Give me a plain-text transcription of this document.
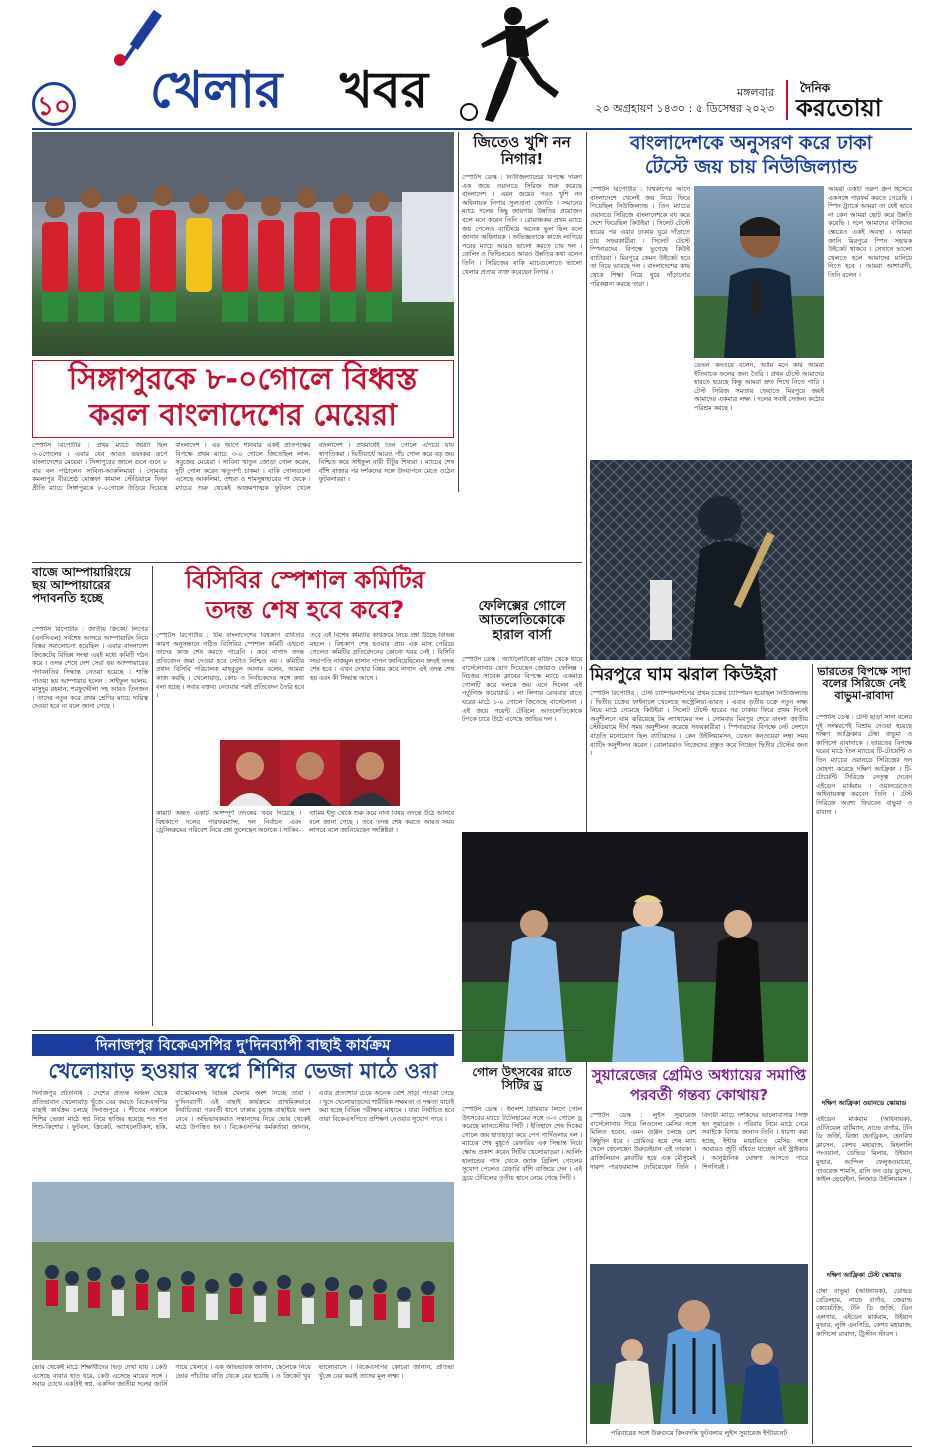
১০ খেলার খবর	মঙ্গলবার
২০ অগ্রহায়ণ ১৪৩০ : ৫ ডিসেম্বর ২০২৩
দৈনিক
করতোয়া
জিতেও খুশি নন নিগার!
স্পোর্টস ডেস্ক : নিউজিল্যান্ডের বিপক্ষে দারুণ এক জয়ে ওয়ানডে সিরিজ শুরু করেছে বাংলাদেশ । এমন জয়ের পরও খুশি নন অধিনায়ক নিগার সুলতানা জ্যোতি । সমানের ম্যাচে দলের কিছু জায়গায় উন্নতির প্রয়োজন বলে মনে করেন তিনি । রোমাঞ্চকর প্রথম ম্যাচে জয় পেলেও ব্যাটিংয়ে অনেক ভুল ছিল বলে জানান অধিনায়ক । অভিজ্ঞতাকে কাজে লাগিয়ে পরের ম্যাচে আরও ভালো করতে চায় দল । বোলিং ও ফিল্ডিংয়েও আরও উন্নতির কথা বলেন তিনি । সিরিজের বাকি ম্যাচগুলোতে ভালো খেলার প্রত্যয় ব্যক্ত করেছেন নিগার ।
বাংলাদেশকে অনুসরণ করে ঢাকা
টেস্টে জয় চায় নিউজিল্যান্ড
স্পোর্টস রিপোর্টার : বিশ্বকাপের আগে বাংলাদেশে খেলেই জয় নিয়ে ফিরে গিয়েছিল নিউজিল্যান্ড । তিন ম্যাচের ওয়ানডে সিরিজে বাংলাদেশকে বধ করে দেশে ফিরেছিল কিউইরা । সিলেট টেস্টে হারের পর এবার ঢাকায় ঘুরে দাঁড়াতে চায় সফরকারীরা । সিলেট টেস্টে স্পিনারদের বিপক্ষে ভুগেছে কিউই ব্যাটাররা । মিরপুরে কেমন উইকেট হবে তা নিয়ে ভাবছে দল । বাংলাদেশের কাছ থেকে শিক্ষা নিয়ে ঘুরে দাঁড়ানোর পরিকল্পনা করছে তারা ।
আমরা একটি তরুণ গ্রুপ হিসেবে একসঙ্গে পারফর্ম করতে পেরেছি । স্পিন ট্র্যাকে আমরা তা যেই ভাবে না কেন আমরা ছোট করে উন্নতি করেছি । দলে আমাদের বাকিদের ক্ষেত্রেও একই অবস্থা । আমরা জানি মিরপুরে স্পিন সহায়ক উইকেট থাকবে । সেখানে ভালো খেলতে হলে আমাদের মানিয়ে নিতে হবে । আমরা আশাবাদী, তিনি বলেন ।
ডেভন কনওয়ে বলেন, আমি মনে করি আমরা ইতিবাচক ফলের জন্য তৈরি । প্রথম টেস্টে আমাদের হারতে হয়েছে কিন্তু আমরা দ্রুত শিখে নিতে পারি । টেস্ট সিরিজ সমতায় ফেরাতে মিরপুরে জয়ই আমাদের একমাত্র লক্ষ্য । দলের সবাই সেজন্য কঠোর পরিশ্রম করছে ।
সিঙ্গাপুরকে ৮-০গোলে বিধ্বস্ত
করল বাংলাদেশের মেয়েরা
স্পোর্টস রিপোর্টার : প্রথম ম্যাচে জয়টা ছিল ৩-০গোলের । এবার যেন আরও ভয়ংকর রূপে বাংলাদেশের মেয়েরা । সিঙ্গাপুরের জালে গুনে গুনে ৮ বার বল পাঠালেন সাবিনা-আকলিমারা । সোমবার কমলাপুর বীরশ্রেষ্ঠ মোস্তফা কামাল স্টেডিয়ামে ফিফা প্রীতি ম্যাচে সিঙ্গাপুরকে ৮-০গোলে উড়িয়ে দিয়েছে বাংলাদেশ । এর আগে শনিবার একই প্রতিপক্ষের বিপক্ষে প্রথম ম্যাচে ৩-০ গোলে জিতেছিল লাল-সবুজের মেয়েরা । সাবিনা খাতুন জোড়া গোল করেন, দুটি গোল করেন ঋতুপর্ণা চাকমা । বাকি গোলগুলো এসেছে আকলিমা, তহুরা ও শামসুন্নাহারের পা থেকে । ম্যাচের শুরু থেকেই আক্রমণাত্মক ফুটবল খেলে বাংলাদেশ । প্রথমার্ধেই তিন গোলে এগিয়ে যায় স্বাগতিকরা । দ্বিতীয়ার্ধে আরও পাঁচ গোল করে বড় জয় নিশ্চিত করে সাইফুল বারী টিটুর শিষ্যরা । ম্যাচের শেষ বাঁশি বাজার পর দর্শকদের সঙ্গে উদযাপনে মেতে ওঠেন ফুটবলাররা ।
ফেলিক্সের গোলে আতলেতিকোকে হারাল বার্সা
স্পোর্টস ডেস্ক : অ্যাটলেটিকো মাদ্রিদ থেকে ধারে বার্সেলোনায় যোগ দিয়েছেন জোয়াও ফেলিক্স । নিজের সাবেক ক্লাবের বিপক্ষে ম্যাচে একমাত্র গোলটি করে দলকে জয় এনে দিলেন এই পর্তুগিজ ফরোয়ার্ড । লা লিগায় রোববার রাতে ঘরের মাঠে ১-০ গোলে জিতেছে বার্সেলোনা । এই জয়ে পয়েন্ট টেবিলে আতলেতিকোকে টপকে চারে উঠে এসেছে জাভির দল ।
বাজে আম্পায়ারিংয়ে ছয় আম্পায়ারের পদাবনতি হচ্ছে
স্পোর্টস রিপোর্টার : জাতীয় ক্রিকেট লিগের (এনসিএল) সর্বশেষ আসরে আম্পায়ারিং নিয়ে বিস্তর সমালোচনা হয়েছিল । এবার বাংলাদেশ ক্রিকেটের বিভিন্ন সংস্থা এরই মধ্যে কমিটি গঠন করে । তদন্ত শেষে দেশ সেরা ছয় আম্পায়ারের পদাবনতির সিদ্ধান্ত নেওয়া হয়েছে । শাস্তি পাওয়া ছয় আম্পায়ার হলেন : সাইফুল আলম, মাসুদুর রহমান, শরফুদ্দৌলা সহ আরও তিনজন । তাদের নতুন করে প্রথম শ্রেণির ম্যাচে দায়িত্ব দেওয়া হবে না বলে জানা গেছে ।
বিসিবির স্পেশাল কমিটির
তদন্ত শেষ হবে কবে?
স্পোর্টস রিপোর্টার : টিম বাংলাদেশের বিশ্বকাপ ব্যর্থতার কারণ অনুসন্ধানে গঠিত বিসিবির স্পেশাল কমিটি এখনো তাদের কাজ শেষ করতে পারেনি । কবে নাগাদ তদন্ত প্রতিবেদন জমা দেওয়া হবে সেটাও নিশ্চিত নয় । কমিটির প্রধান বিসিবি পরিচালক মাহবুবুল আনাম বলেন, আমরা কাজ করছি । খেলোয়াড়, কোচ ও নির্বাচকদের সঙ্গে কথা বলা হচ্ছে । সবার বক্তব্য নেওয়ার পরই প্রতিবেদন তৈরি হবে ।
তবে এই বিশেষ কমিটির কার্যক্রমে নিয়ে প্রশ্ন উঠছে বিভিন্ন মহলে । বিশ্বকাপ শেষ হওয়ার প্রায় এক মাস পেরিয়ে গেলেও কমিটির প্রতিবেদনের কোনো খবর নেই । বিসিবি সভাপতি নাজমুল হাসান পাপন জানিয়েছিলেন দ্রুতই তদন্ত শেষ হবে । এখন দেখার বিষয় কবে নাগাদ এই তদন্ত শেষ হয় এবং কী সিদ্ধান্ত আসে ।
কমিটি অন্তত একটি অসম্পূর্ণ তদন্তের খবর দিয়েছে । বিশ্বকাপে দলের পারফরম্যান্স, দল নির্বাচন এবং ড্রেসিংরুমের পরিবেশ নিয়ে প্রশ্ন তুলেছেন অনেকে । সাকিব-তামিম ইস্যু থেকে শুরু করে নানা বিষয় তদন্তে উঠে আসবে বলে জানা গেছে । তবে তদন্ত শেষ করতে আরও সময় লাগবে বলে জানিয়েছেন সংশ্লিষ্টরা ।
মিরপুরে ঘাম ঝরাল কিউইরা
স্পোর্টস রিপোর্টার : টেস্ট চ্যাম্পিয়নশিপের প্রথম চক্রের চ্যাম্পিয়ন হয়েছিল নিউজিল্যান্ড । দ্বিতীয় চক্রের ফাইনালে খেলেছে অস্ট্রেলিয়া-ভারত । এবার তৃতীয় চক্রে নতুন লক্ষ্য নিয়ে মাঠে নেমেছে কিউইরা । সিলেট টেস্টে হারের পর ঢাকায় ফিরে প্রথম দিনেই অনুশীলনে ঘাম ঝরিয়েছে টম ল্যাথামের দল । সোমবার মিরপুর শেরে বাংলা জাতীয় স্টেডিয়ামে দীর্ঘ সময় অনুশীলন করেছে সফরকারীরা । স্পিনারদের বিপক্ষে নেট সেশনে বাড়তি মনোযোগ ছিল ব্যাটারদের । কেন উইলিয়ামসন, ডেভন কনওয়েরা লম্বা সময় ব্যাটিং অনুশীলন করেন । বোলাররাও নিজেদের প্রস্তুত করে নিচ্ছেন দ্বিতীয় টেস্টের জন্য ।
ভারতের বিপক্ষে সাদা বলের সিরিজে নেই বাভুমা-রাবাদা
স্পোর্টস ডেস্ক : টেস্ট ছাড়া সাদা বলের দুই সংস্করণেই বিশ্রাম দেওয়া হয়েছে দক্ষিণ আফ্রিকার টেম্বা বাভুমা ও কাগিসো রাবাদাকে । ভারতের বিপক্ষে ঘরের মাঠে তিন ম্যাচের টি-টোয়েন্টি ও তিন ম্যাচের ওয়ানডে সিরিজের দল ঘোষণা করেছে দক্ষিণ আফ্রিকা । টি-টোয়েন্টি সিরিজে নেতৃত্ব দেবেন এইডেন মার্করাম । ওয়ানডেতেও অধিনায়কত্ব করবেন তিনি । টেস্ট সিরিজে অবশ্য ফিরবেন বাভুমা ও রাবাদা ।
দক্ষিণ আফ্রিকা ওয়ানডে স্কোয়াড
এইডেন মার্করাম (অধিনায়ক), ওটনিয়েল বার্টম্যান, নান্দ্রে বার্গার, টনি ডি জর্জি, রিজা হেনড্রিকস, হেনরিখ ক্লাসেন, কেশব মহারাজ, মিহলালি পংওয়ানা, ডেভিড মিলার, উইয়ান মুল্ডার, আন্দিল ফেলুকওয়ায়ো, তাবরেজ শামসি, রাসি ফন ডার ডুসেন, কাইল ভেরেইনা, লিজাড উইলিয়ামস ।
দক্ষিণ আফ্রিকা টেস্ট স্কোয়াড
টেম্বা বাভুমা (অধিনায়ক), ডেভিড বেডিংহাম, নান্দ্রে বার্গার, জেরাল্ড কোয়েটজি, টনি ডি জর্জি, ডিন এলগার, এইডেন মার্করাম, উইয়ান মুল্ডার, লুঙ্গি এনগিডি, কেশব মহারাজ, কাগিসো রাবাদা, ট্রিস্টান স্টাবস ।
গোল উৎসবের রাতে সিটির ড্র
স্পোর্টস ডেস্ক : ইংলিশ প্রিমিয়ার লিগে গোল উৎসবের ম্যাচে টটেনহামের সঙ্গে ৩-৩ গোলে ড্র করেছে ম্যানচেস্টার সিটি । ইতিহাদে শেষ দিকের গোলে জয় হাতছাড়া করে পেপ গার্দিওলার দল । ম্যাচের শেষ মুহূর্তে রেফারির এক সিদ্ধান্ত নিয়ে ক্ষোভ প্রকাশ করেন সিটির খেলোয়াড়রা । আর্লিং হালান্ডের পাস থেকে জ্যাক গ্রিলিশ গোলের সুযোগ পেলেও রেফারি বাঁশি বাজিয়ে দেন । এই ড্রয়ে টেবিলের তৃতীয় স্থানে নেমে গেছে সিটি ।
সুয়ারেজের গ্রেমিও অধ্যায়ের সমাপ্তি
পরবর্তী গন্তব্য কোথায়?
স্পোর্টস ডেস্ক : লুইস সুয়ারেজ বার্সেলোনায় গিয়ে লিওনেল মেসির সঙ্গে মিলিত হবেন, এমন গুঞ্জন চলছে বেশ কিছুদিন ধরে । গ্রেমিওর হয়ে শেষ ম্যাচ খেলে ফেলেছেন উরুগুইয়ান এই তারকা । ব্রাজিলিয়ান ক্লাবটির হয়ে এক মৌসুমেই দারুণ পারফরম্যান্স দেখিয়েছেন তিনি । বিদায়ী ম্যাচে দর্শকদের ভালোবাসায় সিক্ত হন সুয়ারেজ । পরিবার নিয়ে মাঠে নেমে সবাইকে বিদায় জানান তিনি । ধারণা করা হচ্ছে, ইন্টার মায়ামিতে মেসির সঙ্গে আবারও জুটি বাঁধতে যাচ্ছেন এই স্ট্রাইকার । আনুষ্ঠানিক ঘোষণা আসতে পারে শিগগিরই ।
পরিবারের সঙ্গে উরুগুয়ে কিংবদন্তি ফুটবলার লুইস সুয়ারেজ ইন্টারনেট
দিনাজপুর বিকেএসপির দু'দিনব্যাপী বাছাই কার্যক্রম
খেলোয়াড় হওয়ার স্বপ্নে শিশির ভেজা মাঠে ওরা
দিনাজপুর প্রতিনিধি : দেশের প্রত্যন্ত অঞ্চল থেকে প্রতিভাবান খেলোয়াড় খুঁজে বের করতে বিকেএসপির বাছাই কার্যক্রম চলছে দিনাজপুরে । শীতের সকালে শিশির ভেজা মাঠে স্বপ্ন নিয়ে হাজির হয়েছে শত শত শিশু-কিশোর । ফুটবল, ক্রিকেট, অ্যাথলেটিকস, হকি, বাস্কেটবলসহ বিভিন্ন খেলায় অংশ নিচ্ছে তারা । দু'দিনব্যাপী এই বাছাই কার্যক্রমে প্রাথমিকভাবে নির্বাচিতরা পরবর্তী ধাপে ঢাকায় চূড়ান্ত বাছাইয়ে অংশ নেবে । অভিভাবকরাও সন্তানদের নিয়ে ভোর থেকেই মাঠে উপস্থিত হন । বিকেএসপির কর্মকর্তারা জানান, এবার প্রত্যাশার চেয়ে অনেক বেশি সাড়া পাওয়া গেছে । খুদে খেলোয়াড়দের শারীরিক সক্ষমতা ও দক্ষতা যাচাই করা হচ্ছে বিভিন্ন পরীক্ষার মাধ্যমে । যারা নির্বাচিত হবে তারা বিকেএসপিতে প্রশিক্ষণ নেওয়ার সুযোগ পাবে ।
ভোর থেকেই মাঠে শিক্ষার্থীদের ভিড় দেখা যায় । কেউ এসেছে বাবার হাত ধরে, কেউ এসেছে মায়ের সঙ্গে । সবার চোখে একটাই স্বপ্ন, একদিন জাতীয় দলের জার্সি গায়ে খেলবে । এক অভিভাবক জানান, ছেলেকে নিয়ে ভোর পাঁচটায় বাড়ি থেকে বের হয়েছি । ও ক্রিকেট খুব ভালোবাসে । বিকেএসপির কোচরা জানান, প্রতিভা খুঁজে বের করাই তাদের মূল লক্ষ্য ।
